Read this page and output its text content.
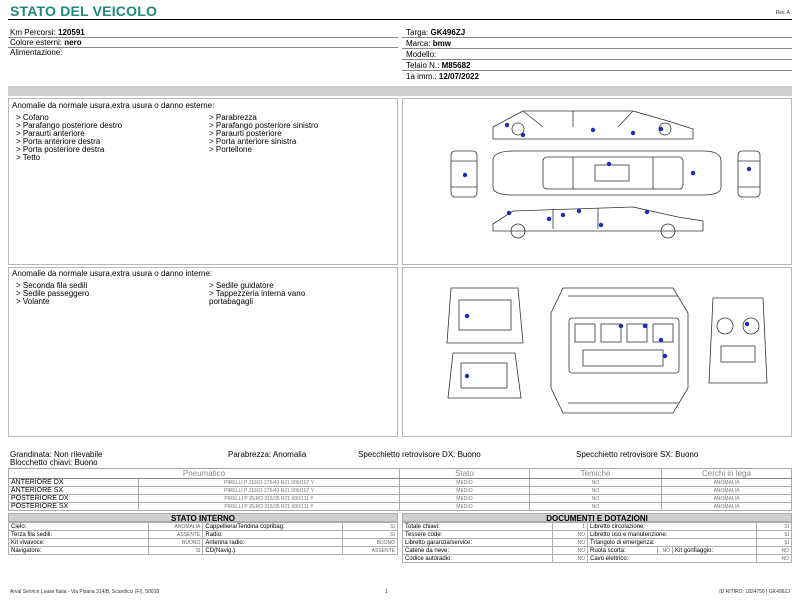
STATO DEL VEICOLO	Rev. A
Km Percorsi: 120591
Colore esterni: nero
Alimentazione:
Targa: GK496ZJ
Marca: bmw
Modello:
Telaio N.: M85682
1a imm.: 12/07/2022
Anomalie da normale usura,extra usura o danno esterne:
> Cofano
> Parafango posteriore destro
> Paraurti anteriore
> Porta anteriore destra
> Porta posteriore destra
> Tetto
> Parabrezza
> Parafango posteriore sinistro
> Paraurti posteriore
> Porta anteriore sinistra
> Portellone
Anomalie da normale usura,extra usura o danno interne:
> Seconda fila sedili
> Sedile passeggero
> Volante
> Sedile guidatore
> Tappezzeria interna vano
portabagagli
Grandinata: Non rilevabile	Parabrezza: Anomalia	Specchietto retrovisore DX: Buono	Specchietto retrovisore SX: Buono
Blocchetto chiavi: Buono
Pneumatico		Stato	Temiche	Cerchi in lega
ANTERIORE DX	PIRELLI P ZERO 275/40 R21 000/107 Y	MEDIO	NO	ANOMALIA
ANTERIORE SX	PIRELLI P ZERO 275/40 R21 000/107 Y	MEDIO	NO	ANOMALIA
POSTERIORE DX	PIRELLI P ZERO 315/35 R21 000/111 Y	MEDIO	NO	ANOMALIA
POSTERIORE SX	PIRELLI P ZERO 315/35 R21 000/111 Y	MEDIO	NO	ANOMALIA
STATO INTERNO
Cielo:	ANOMALIA	Cappelliera/Tendina copribag:	SI
Terza fila sedili:	ASSENTE	Radio:	SI
Kit vivavoce:	BUONO	Antenna radio:	BUONO
Navigatore:	SI	CD(Navig.):	ASSENTE
DOCUMENTI E DOTAZIONI
Totale chiavi:	1	Libretto circolazione:			SI
Tessere code:	NO	Libretto uso e manutenzione:			SI
Libretto garanzia/service:	NO	Triangolo di emergenza:			SI
Catene da neve:	NO	Ruota scorta:	NO	Kit gonfiaggio:	NO
Codice autoradio:	NO	Cavo elettrico:			NO
Arval Service Lease Italia - Via Pisana 314/B, Scandicci (FI), 50018	1	ID RITIRO: 1824756 | GK496ZJ
